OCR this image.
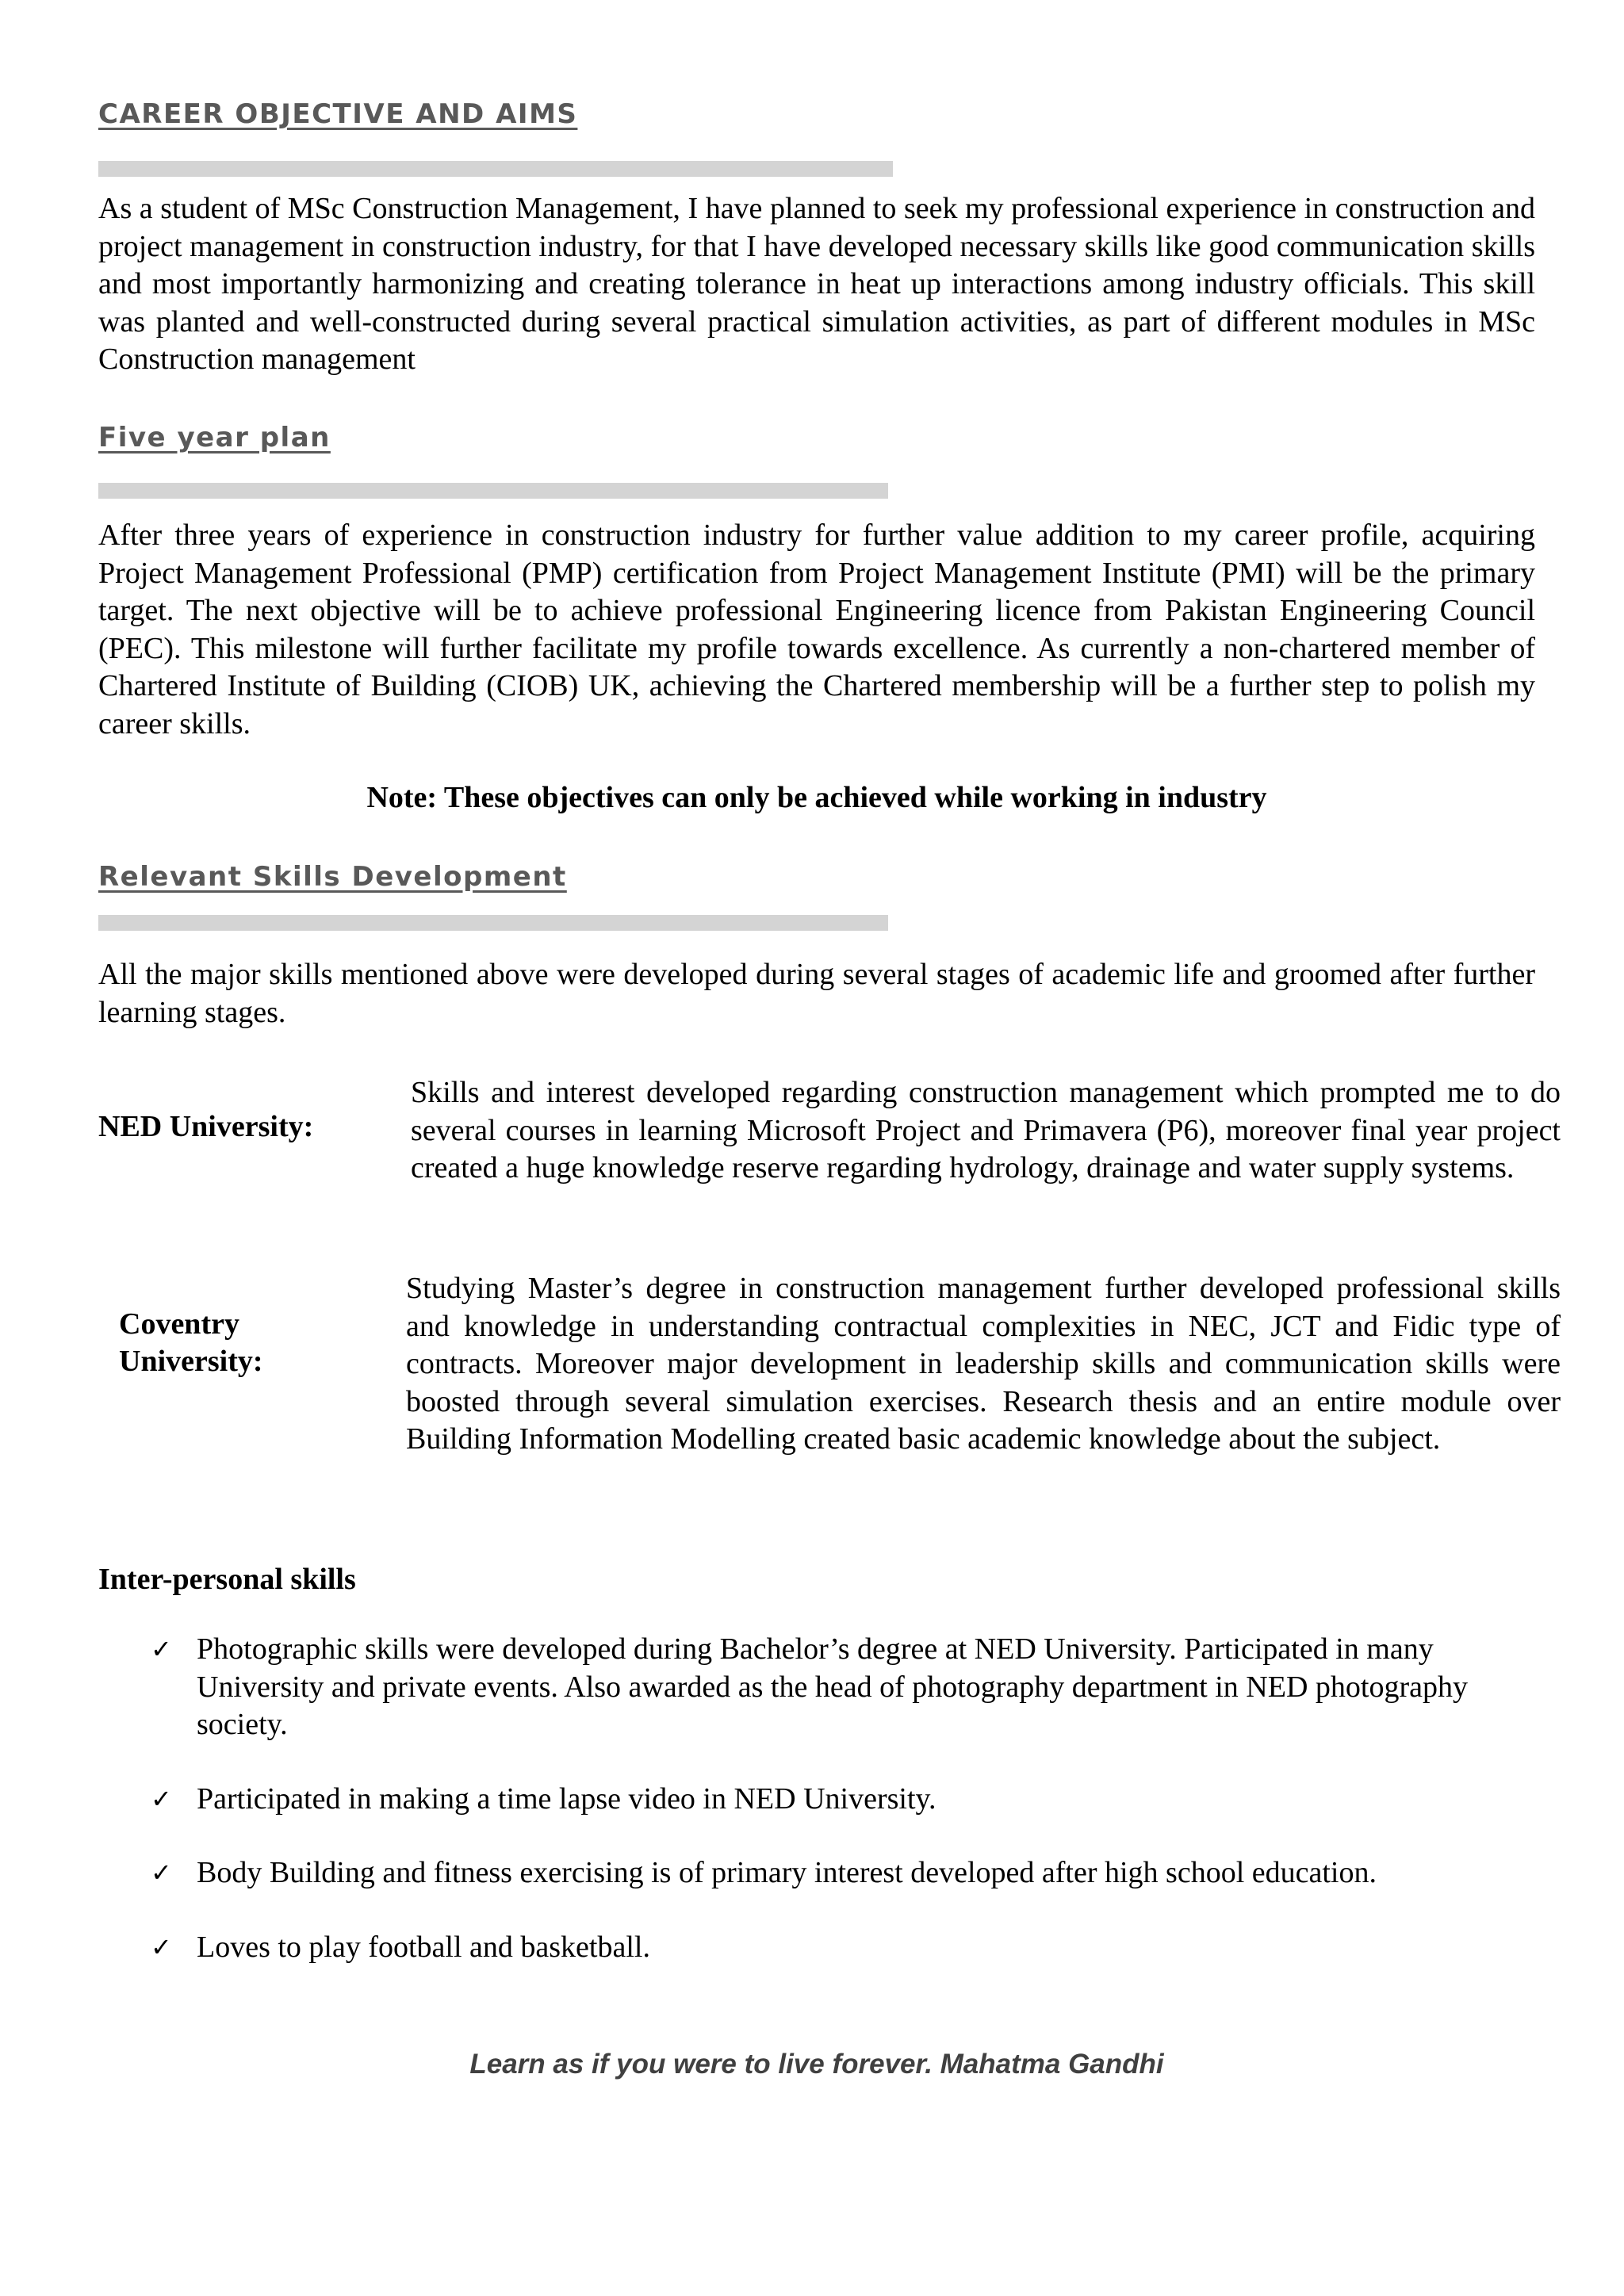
CAREER OBJECTIVE AND AIMS

As a student of MSc Construction Management, I have planned to seek my professional experience in construction and project management in construction industry, for that I have developed necessary skills like good communication skills and most importantly harmonizing and creating tolerance in heat up interactions among industry officials. This skill was planted and well-constructed during several practical simulation activities, as part of different modules in MSc Construction management

Five year plan

After three years of experience in construction industry for further value addition to my career profile, acquiring Project Management Professional (PMP) certification from Project Management Institute (PMI) will be the primary target. The next objective will be to achieve professional Engineering licence from Pakistan Engineering Council (PEC). This milestone will further facilitate my profile towards excellence. As currently a non-chartered member of Chartered Institute of Building (CIOB) UK, achieving the Chartered membership will be a further step to polish my career skills.

Note: These objectives can only be achieved while working in industry

Relevant Skills Development

All the major skills mentioned above were developed during several stages of academic life and groomed after further learning stages.

NED University:

Skills and interest developed regarding construction management which prompted me to do several courses in learning Microsoft Project and Primavera (P6), moreover final year project created a huge knowledge reserve regarding hydrology, drainage and water supply systems.

Coventry University:

Studying Master’s degree in construction management further developed professional skills and knowledge in understanding contractual complexities in NEC, JCT and Fidic type of contracts. Moreover major development in leadership skills and communication skills were boosted through several simulation exercises. Research thesis and an entire module over Building Information Modelling created basic academic knowledge about the subject.

Inter-personal skills
✓ Photographic skills were developed during Bachelor’s degree at NED University. Participated in many University and private events. Also awarded as the head of photography department in NED photography society.
✓ Participated in making a time lapse video in NED University.
✓ Body Building and fitness exercising is of primary interest developed after high school education.
✓ Loves to play football and basketball.

Learn as if you were to live forever. Mahatma Gandhi
